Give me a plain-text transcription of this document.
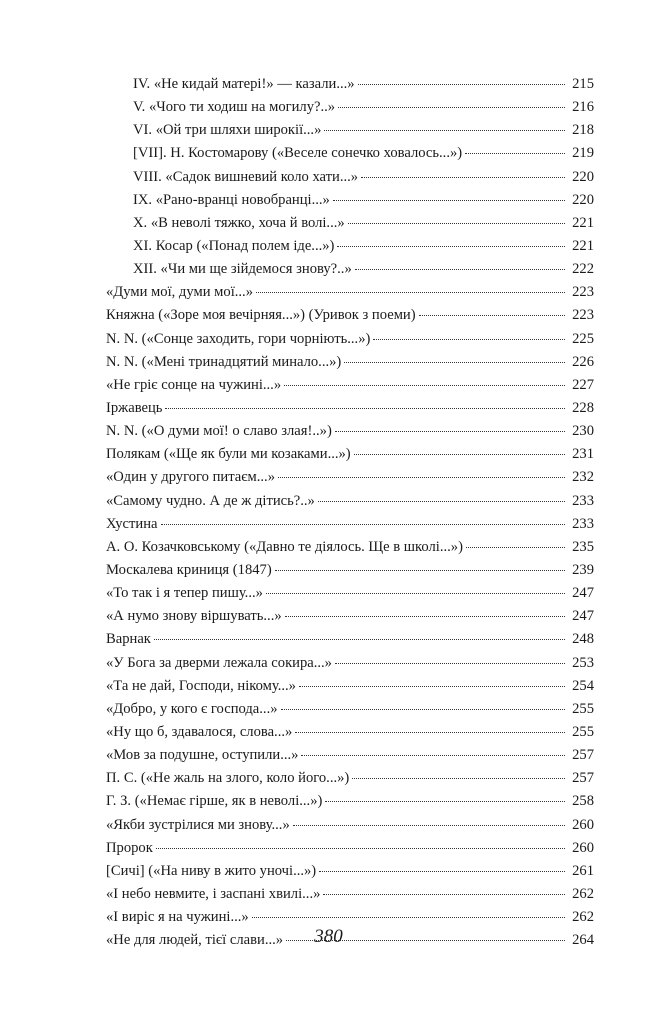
IV. «Не кидай матері!» — казали...»	215
V. «Чого ти ходиш на могилу?..»	216
VI. «Ой три шляхи широкії...»	218
[VII]. Н. Костомарову («Веселе сонечко ховалось...»)	219
VIII. «Садок вишневий коло хати...»	220
IX. «Рано-вранці новобранці...»	220
X. «В неволі тяжко, хоча й волі...»	221
XI. Косар («Понад полем іде...»)	221
XII. «Чи ми ще зійдемося знову?..»	222
«Думи мої, думи мої...»	223
Княжна («Зоре моя вечірняя...») (Уривок з поеми)	223
N. N. («Сонце заходить, гори чорніють...»)	225
N. N. («Мені тринадцятий минало...»)	226
«Не гріє сонце на чужині...»	227
Іржавець	228
N. N. («О думи мої! о славо злая!..»)	230
Полякам («Ще як були ми козаками...»)	231
«Один у другого питаєм...»	232
«Самому чудно. А де ж дітись?..»	233
Хустина	233
А. О. Козачковському («Давно те діялось. Ще в школі...»)	235
Москалева криниця (1847)	239
«То так і я тепер пишу...»	247
«А нумо знову віршувать...»	247
Варнак	248
«У Бога за дверми лежала сокира...»	253
«Та не дай, Господи, нікому...»	254
«Добро, у кого є господа...»	255
«Ну що б, здавалося, слова...»	255
«Мов за подушне, оступили...»	257
П. С. («Не жаль на злого, коло його...»)	257
Г. З. («Немає гірше, як в неволі...»)	258
«Якби зустрілися ми знову...»	260
Пророк	260
[Сичі] («На ниву в жито уночі...»)	261
«І небо невмите, і заспані хвилі...»	262
«І виріс я на чужині...»	262
«Не для людей, тієї слави...»	264
380
